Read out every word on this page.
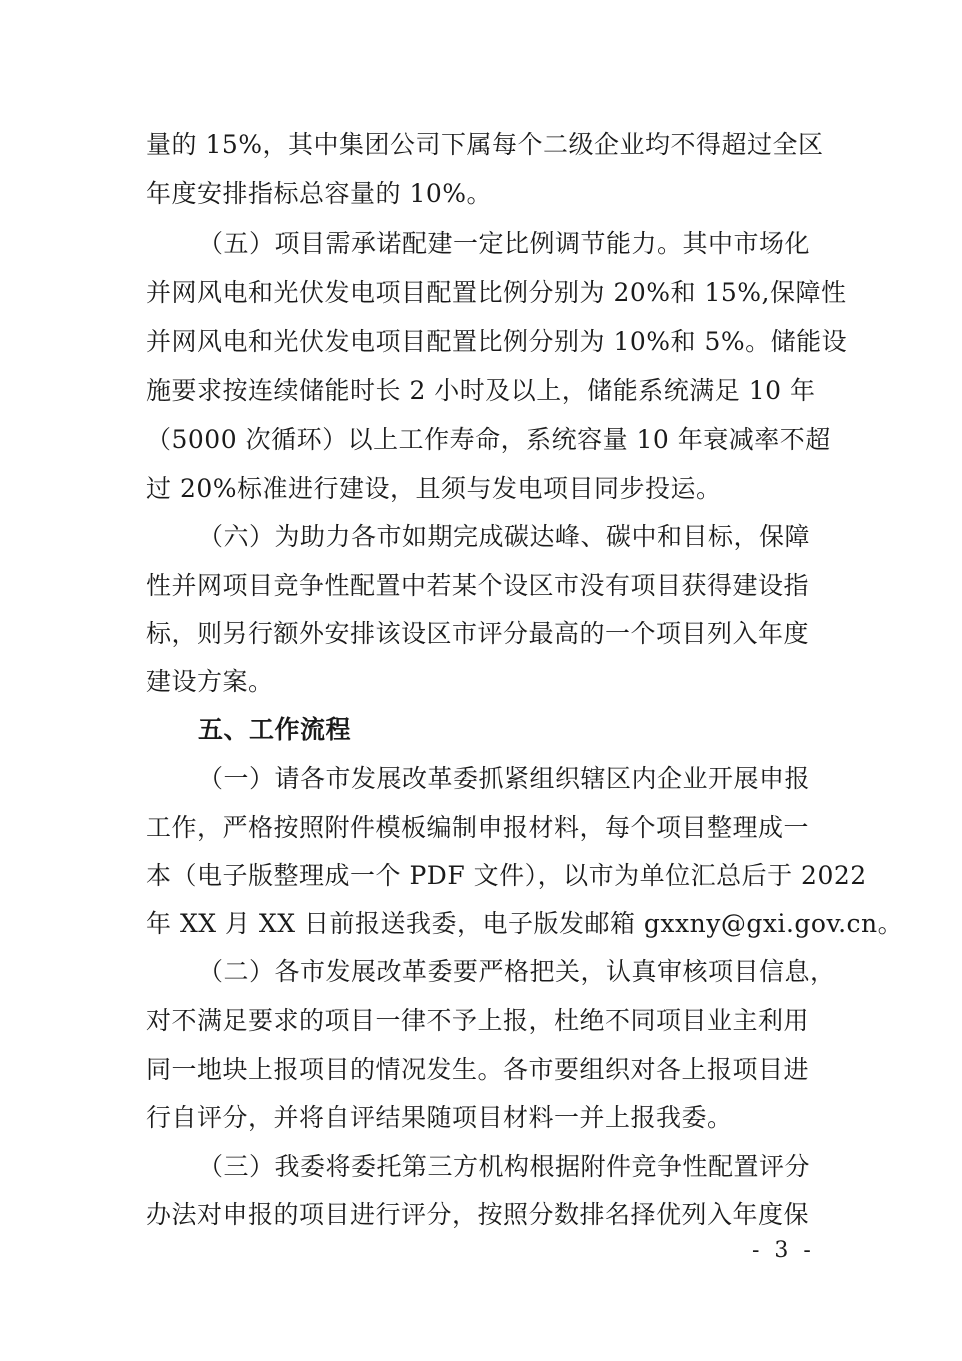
量的 15%，其中集团公司下属每个二级企业均不得超过全区
年度安排指标总容量的 10%。
（五）项目需承诺配建一定比例调节能力。其中市场化
并网风电和光伏发电项目配置比例分别为 20%和 15%,保障性
并网风电和光伏发电项目配置比例分别为 10%和 5%。储能设
施要求按连续储能时长 2 小时及以上，储能系统满足 10 年
（5000 次循环）以上工作寿命，系统容量 10 年衰减率不超
过 20%标准进行建设，且须与发电项目同步投运。
（六）为助力各市如期完成碳达峰、碳中和目标，保障
性并网项目竞争性配置中若某个设区市没有项目获得建设指
标，则另行额外安排该设区市评分最高的一个项目列入年度
建设方案。
五、工作流程
（一）请各市发展改革委抓紧组织辖区内企业开展申报
工作，严格按照附件模板编制申报材料，每个项目整理成一
本（电子版整理成一个 PDF 文件），以市为单位汇总后于 2022
年 XX 月 XX 日前报送我委，电子版发邮箱 gxxny@gxi.gov.cn。
（二）各市发展改革委要严格把关，认真审核项目信息，
对不满足要求的项目一律不予上报，杜绝不同项目业主利用
同一地块上报项目的情况发生。各市要组织对各上报项目进
行自评分，并将自评结果随项目材料一并上报我委。
（三）我委将委托第三方机构根据附件竞争性配置评分
办法对申报的项目进行评分，按照分数排名择优列入年度保
- 3 -
